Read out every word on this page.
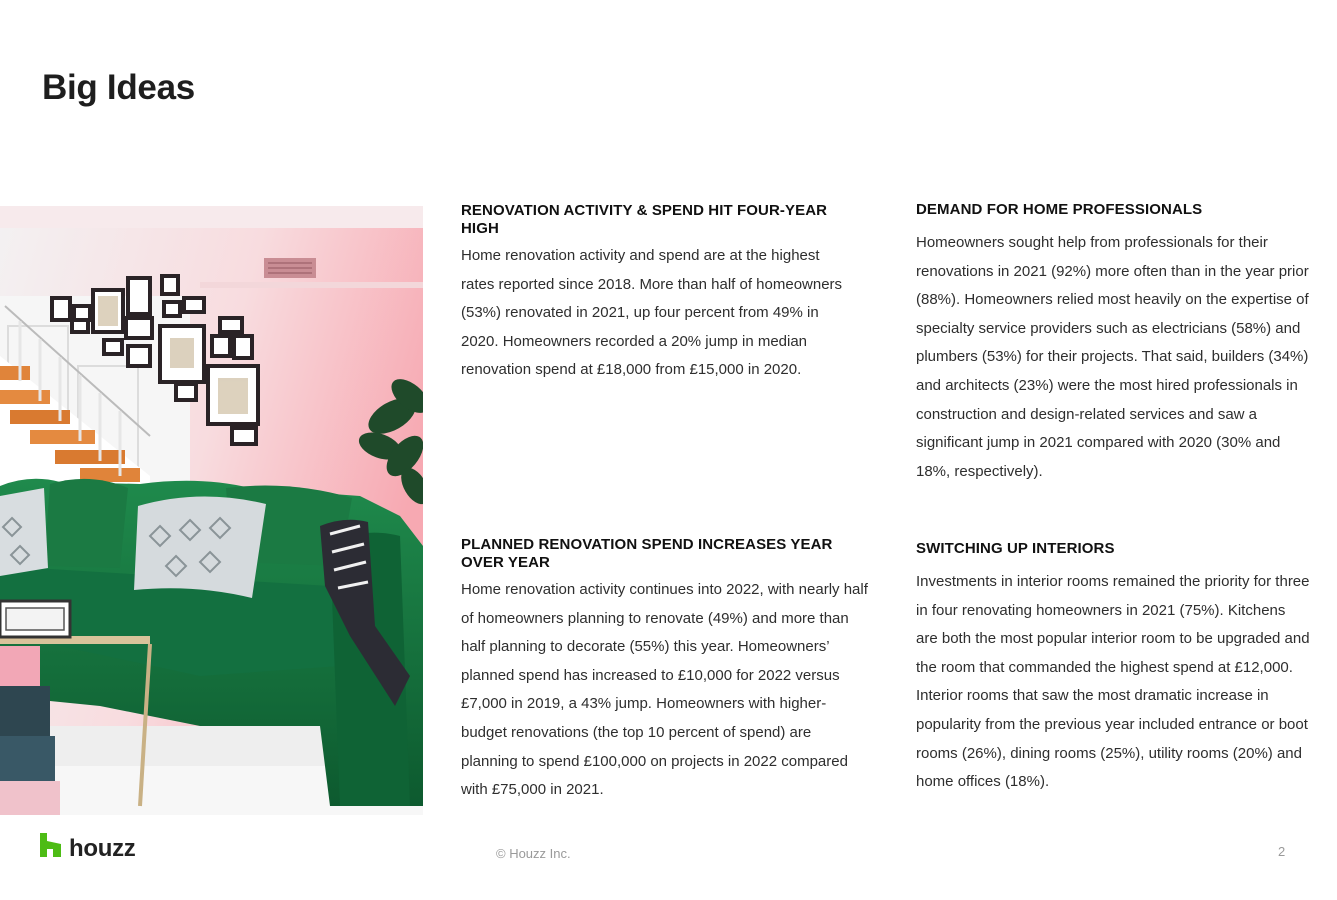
Big Ideas
RENOVATION ACTIVITY & SPEND HIT FOUR-YEAR HIGH

Home renovation activity and spend are at the highest rates reported since 2018. More than half of homeowners (53%) renovated in 2021, up four percent from 49% in 2020. Homeowners recorded a 20% jump in median renovation spend at £18,000 from £15,000 in 2020.

DEMAND FOR HOME PROFESSIONALS

Homeowners sought help from professionals for their renovations in 2021 (92%) more often than in the year prior (88%). Homeowners relied most heavily on the expertise of specialty service providers such as electricians (58%) and plumbers (53%) for their projects. That said, builders (34%) and architects (23%) were the most hired professionals in construction and design-related services and saw a significant jump in 2021 compared with 2020 (30% and 18%, respectively).

PLANNED RENOVATION SPEND INCREASES YEAR OVER YEAR

Home renovation activity continues into 2022, with nearly half of homeowners planning to renovate (49%) and more than half planning to decorate (55%) this year. Homeowners’ planned spend has increased to £10,000 for 2022 versus £7,000 in 2019, a 43% jump. Homeowners with higher-budget renovations (the top 10 percent of spend) are planning to spend £100,000 on projects in 2022 compared with £75,000 in 2021.

SWITCHING UP INTERIORS

Investments in interior rooms remained the priority for three in four renovating homeowners in 2021 (75%). Kitchens are both the most popular interior room to be upgraded and the room that commanded the highest spend at £12,000. Interior rooms that saw the most dramatic increase in popularity from the previous year included entrance or boot rooms (26%), dining rooms (25%), utility rooms (20%) and home offices (18%).

houzz	© Houzz Inc.	2
